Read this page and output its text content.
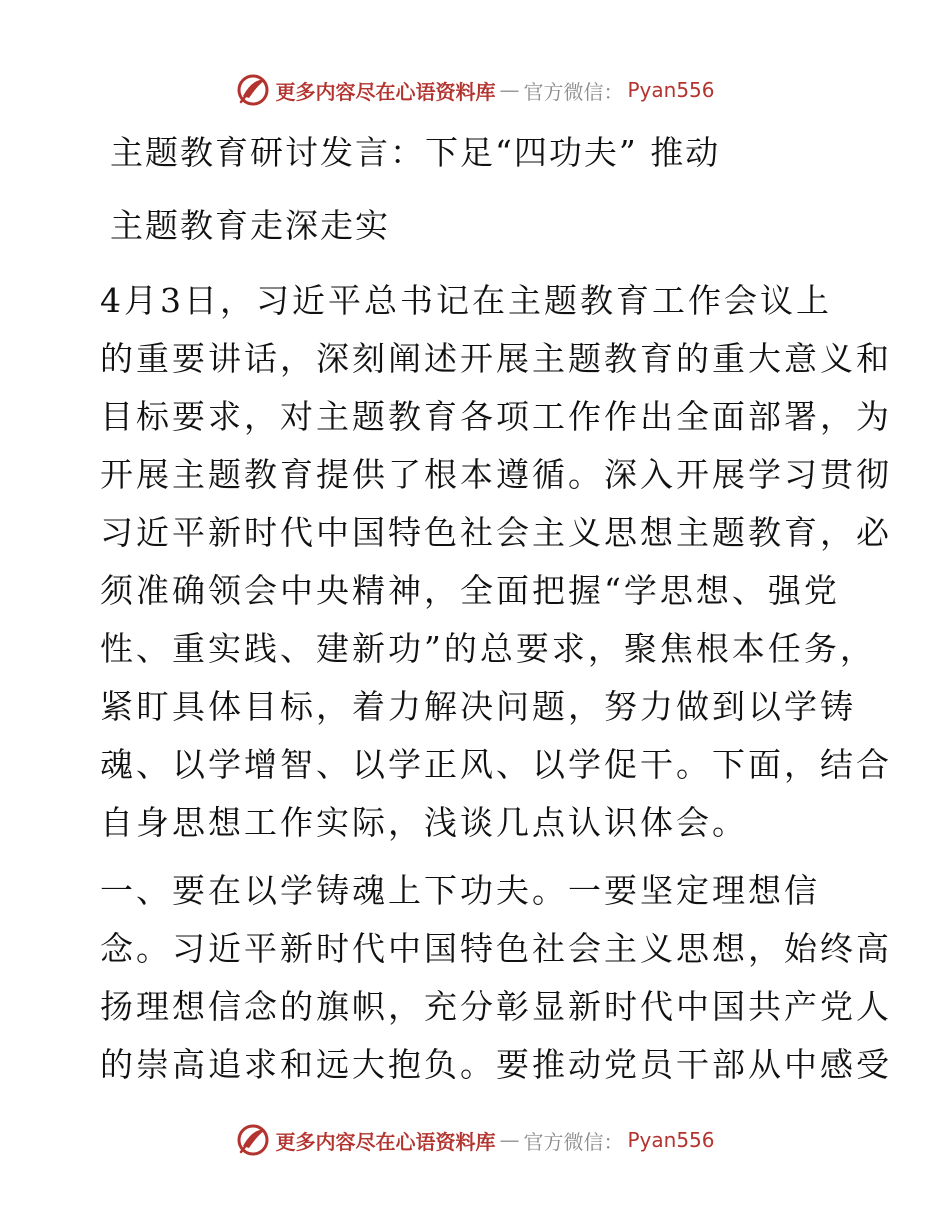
更多内容尽在心语资料库 — 官方微信： Pyan556
主题教育研讨发言：下足“四功夫” 推动
主题教育走深走实
4月3日，习近平总书记在主题教育工作会议上
的重要讲话，深刻阐述开展主题教育的重大意义和
目标要求，对主题教育各项工作作出全面部署，为
开展主题教育提供了根本遵循。深入开展学习贯彻
习近平新时代中国特色社会主义思想主题教育，必
须准确领会中央精神，全面把握“学思想、强党
性、重实践、建新功”的总要求，聚焦根本任务，
紧盯具体目标，着力解决问题，努力做到以学铸
魂、以学增智、以学正风、以学促干。下面，结合
自身思想工作实际，浅谈几点认识体会。
一、要在以学铸魂上下功夫。一要坚定理想信
念。习近平新时代中国特色社会主义思想，始终高
扬理想信念的旗帜，充分彰显新时代中国共产党人
的崇高追求和远大抱负。要推动党员干部从中感受
更多内容尽在心语资料库 — 官方微信： Pyan556
